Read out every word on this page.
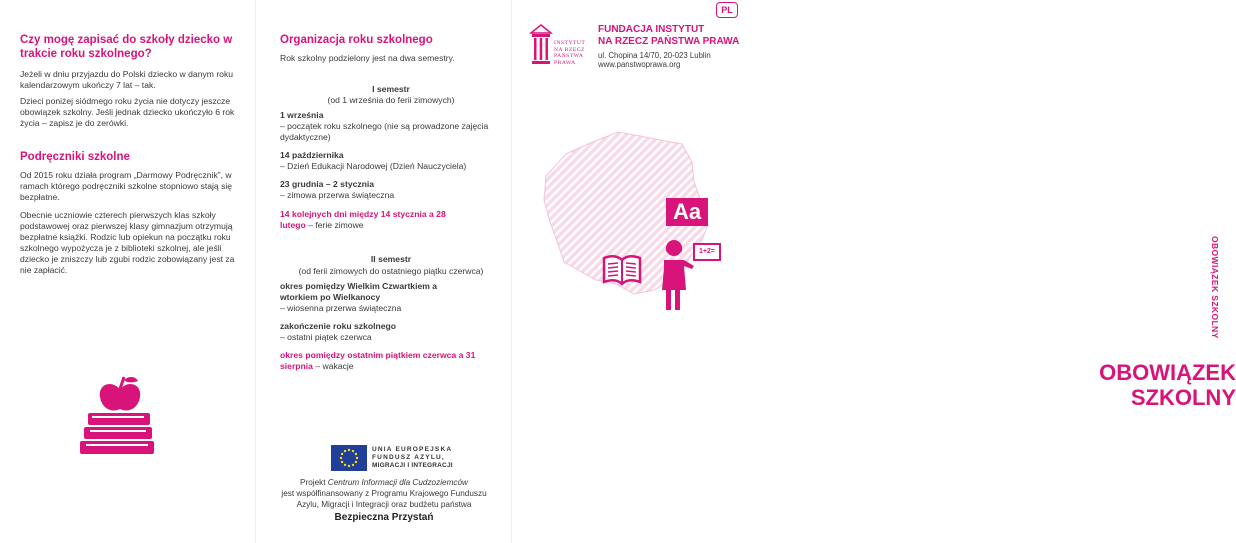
Czy mogę zapisać do szkoły dziecko w trakcie roku szkolnego?
Jeżeli w dniu przyjazdu do Polski dziecko w danym roku kalendarzowym ukończy 7 lat – tak.
Dzieci poniżej siódmego roku życia nie dotyczy jeszcze obowiązek szkolny. Jeśli jednak dziecko ukończyło 6 rok życia – zapisz je do zerówki.
Podręczniki szkolne
Od 2015 roku działa program „Darmowy Podręcznik”, w ramach którego podręczniki szkolne stopniowo stają się bezpłatne.
Obecnie uczniowie czterech pierwszych klas szkoły podstawowej oraz pierwszej klasy gimnazjum otrzymują bezpłatne książki. Rodzic lub opiekun na początku roku szkolnego wypożycza je z biblioteki szkolnej, ale jeśli dziecko je zniszczy lub zgubi rodzic zobowiązany jest za nie zapłacić.
Organizacja roku szkolnego
Rok szkolny podzielony jest na dwa semestry.
I semestr
(od 1 września do ferii zimowych)
1 września
– początek roku szkolnego (nie są prowadzone zajęcia dydaktyczne)
14 października
– Dzień Edukacji Narodowej (Dzień Nauczyciela)
23 grudnia – 2 stycznia
– zimowa przerwa świąteczna
14 kolejnych dni między 14 stycznia a 28 lutego – ferie zimowe
II semestr
(od ferii zimowych do ostatniego piątku czerwca)
okres pomiędzy Wielkim Czwartkiem a wtorkiem po Wielkanocy
– wiosenna przerwa świąteczna
zakończenie roku szkolnego
– ostatni piątek czerwca
okres pomiędzy ostatnim piątkiem czerwca a 31 sierpnia – wakacje
UNIA EUROPEJSKA
FUNDUSZ AZYLU,
MIGRACJI I INTEGRACJI
Projekt Centrum Informacji dla Cudzoziemców
jest współfinansowany z Programu Krajowego Funduszu
Azylu, Migracji i Integracji oraz budżetu państwa
Bezpieczna Przystań
INSTYTUT
NA RZECZ
PAŃSTWA
PRAWA
FUNDACJA INSTYTUT
NA RZECZ PAŃSTWA PRAWA
ul. Chopina 14/70, 20-023 Lublin
www.panstwoprawa.org
Aa
1+2=	OBOWIĄZEK SZKOLNY
OBOWIĄZEK
SZKOLNY
PL
